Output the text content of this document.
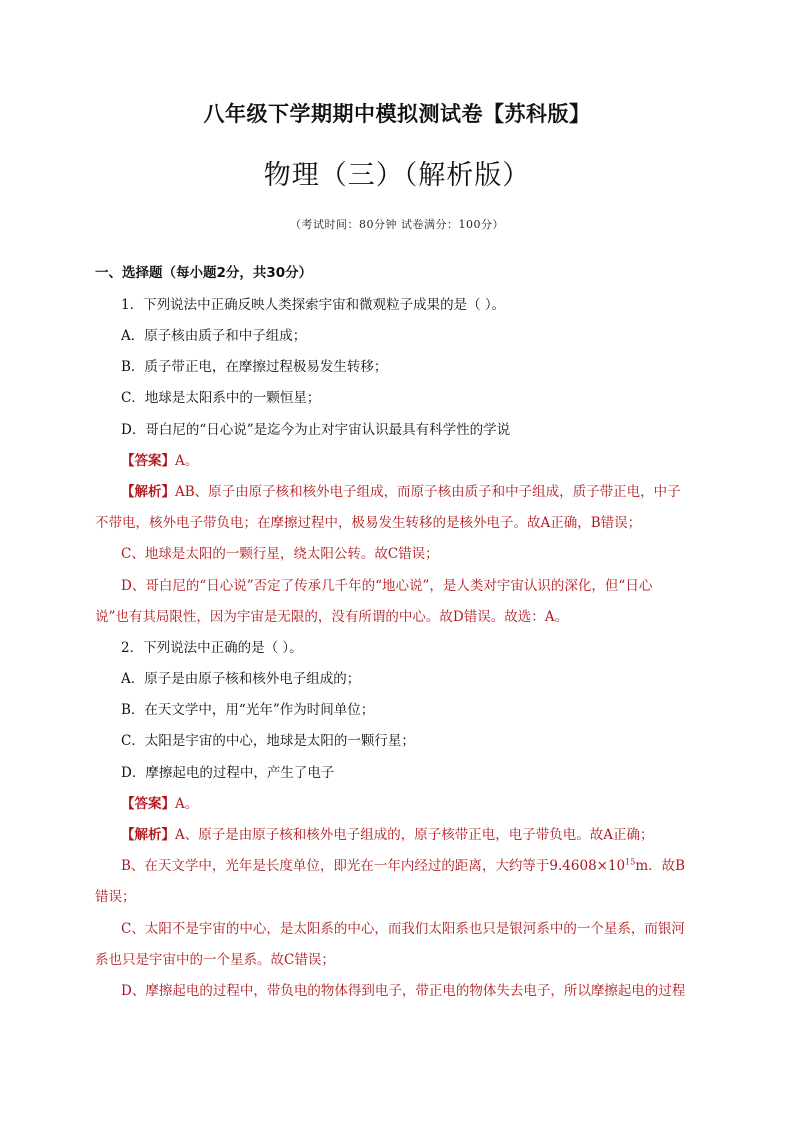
八年级下学期期中模拟测试卷【苏科版】
物理（三）（解析版）
（考试时间：80分钟 试卷满分：100分）
一、选择题（每小题2分，共30分）
1．下列说法中正确反映人类探索宇宙和微观粒子成果的是（ ）。
A．原子核由质子和中子组成；
B．质子带正电，在摩擦过程极易发生转移；
C．地球是太阳系中的一颗恒星；
D．哥白尼的“日心说”是迄今为止对宇宙认识最具有科学性的学说
【答案】A。
【解析】AB、原子由原子核和核外电子组成，而原子核由质子和中子组成，质子带正电，中子
不带电，核外电子带负电；在摩擦过程中，极易发生转移的是核外电子。故A正确，B错误；
C、地球是太阳的一颗行星，绕太阳公转。故C错误；
D、哥白尼的“日心说”否定了传承几千年的“地心说”，是人类对宇宙认识的深化，但“日心
说”也有其局限性，因为宇宙是无限的，没有所谓的中心。故D错误。故选：A。
2．下列说法中正确的是（ ）。
A．原子是由原子核和核外电子组成的；
B．在天文学中，用“光年”作为时间单位；
C．太阳是宇宙的中心，地球是太阳的一颗行星；
D．摩擦起电的过程中，产生了电子
【答案】A。
【解析】A、原子是由原子核和核外电子组成的，原子核带正电，电子带负电。故A正确；
B、在天文学中，光年是长度单位，即光在一年内经过的距离，大约等于$9.4608\times 10^{15}m$．故B
错误；
C、太阳不是宇宙的中心，是太阳系的中心，而我们太阳系也只是银河系中的一个星系，而银河
系也只是宇宙中的一个星系。故C错误；
D、摩擦起电的过程中，带负电的物体得到电子，带正电的物体失去电子，所以摩擦起电的过程
